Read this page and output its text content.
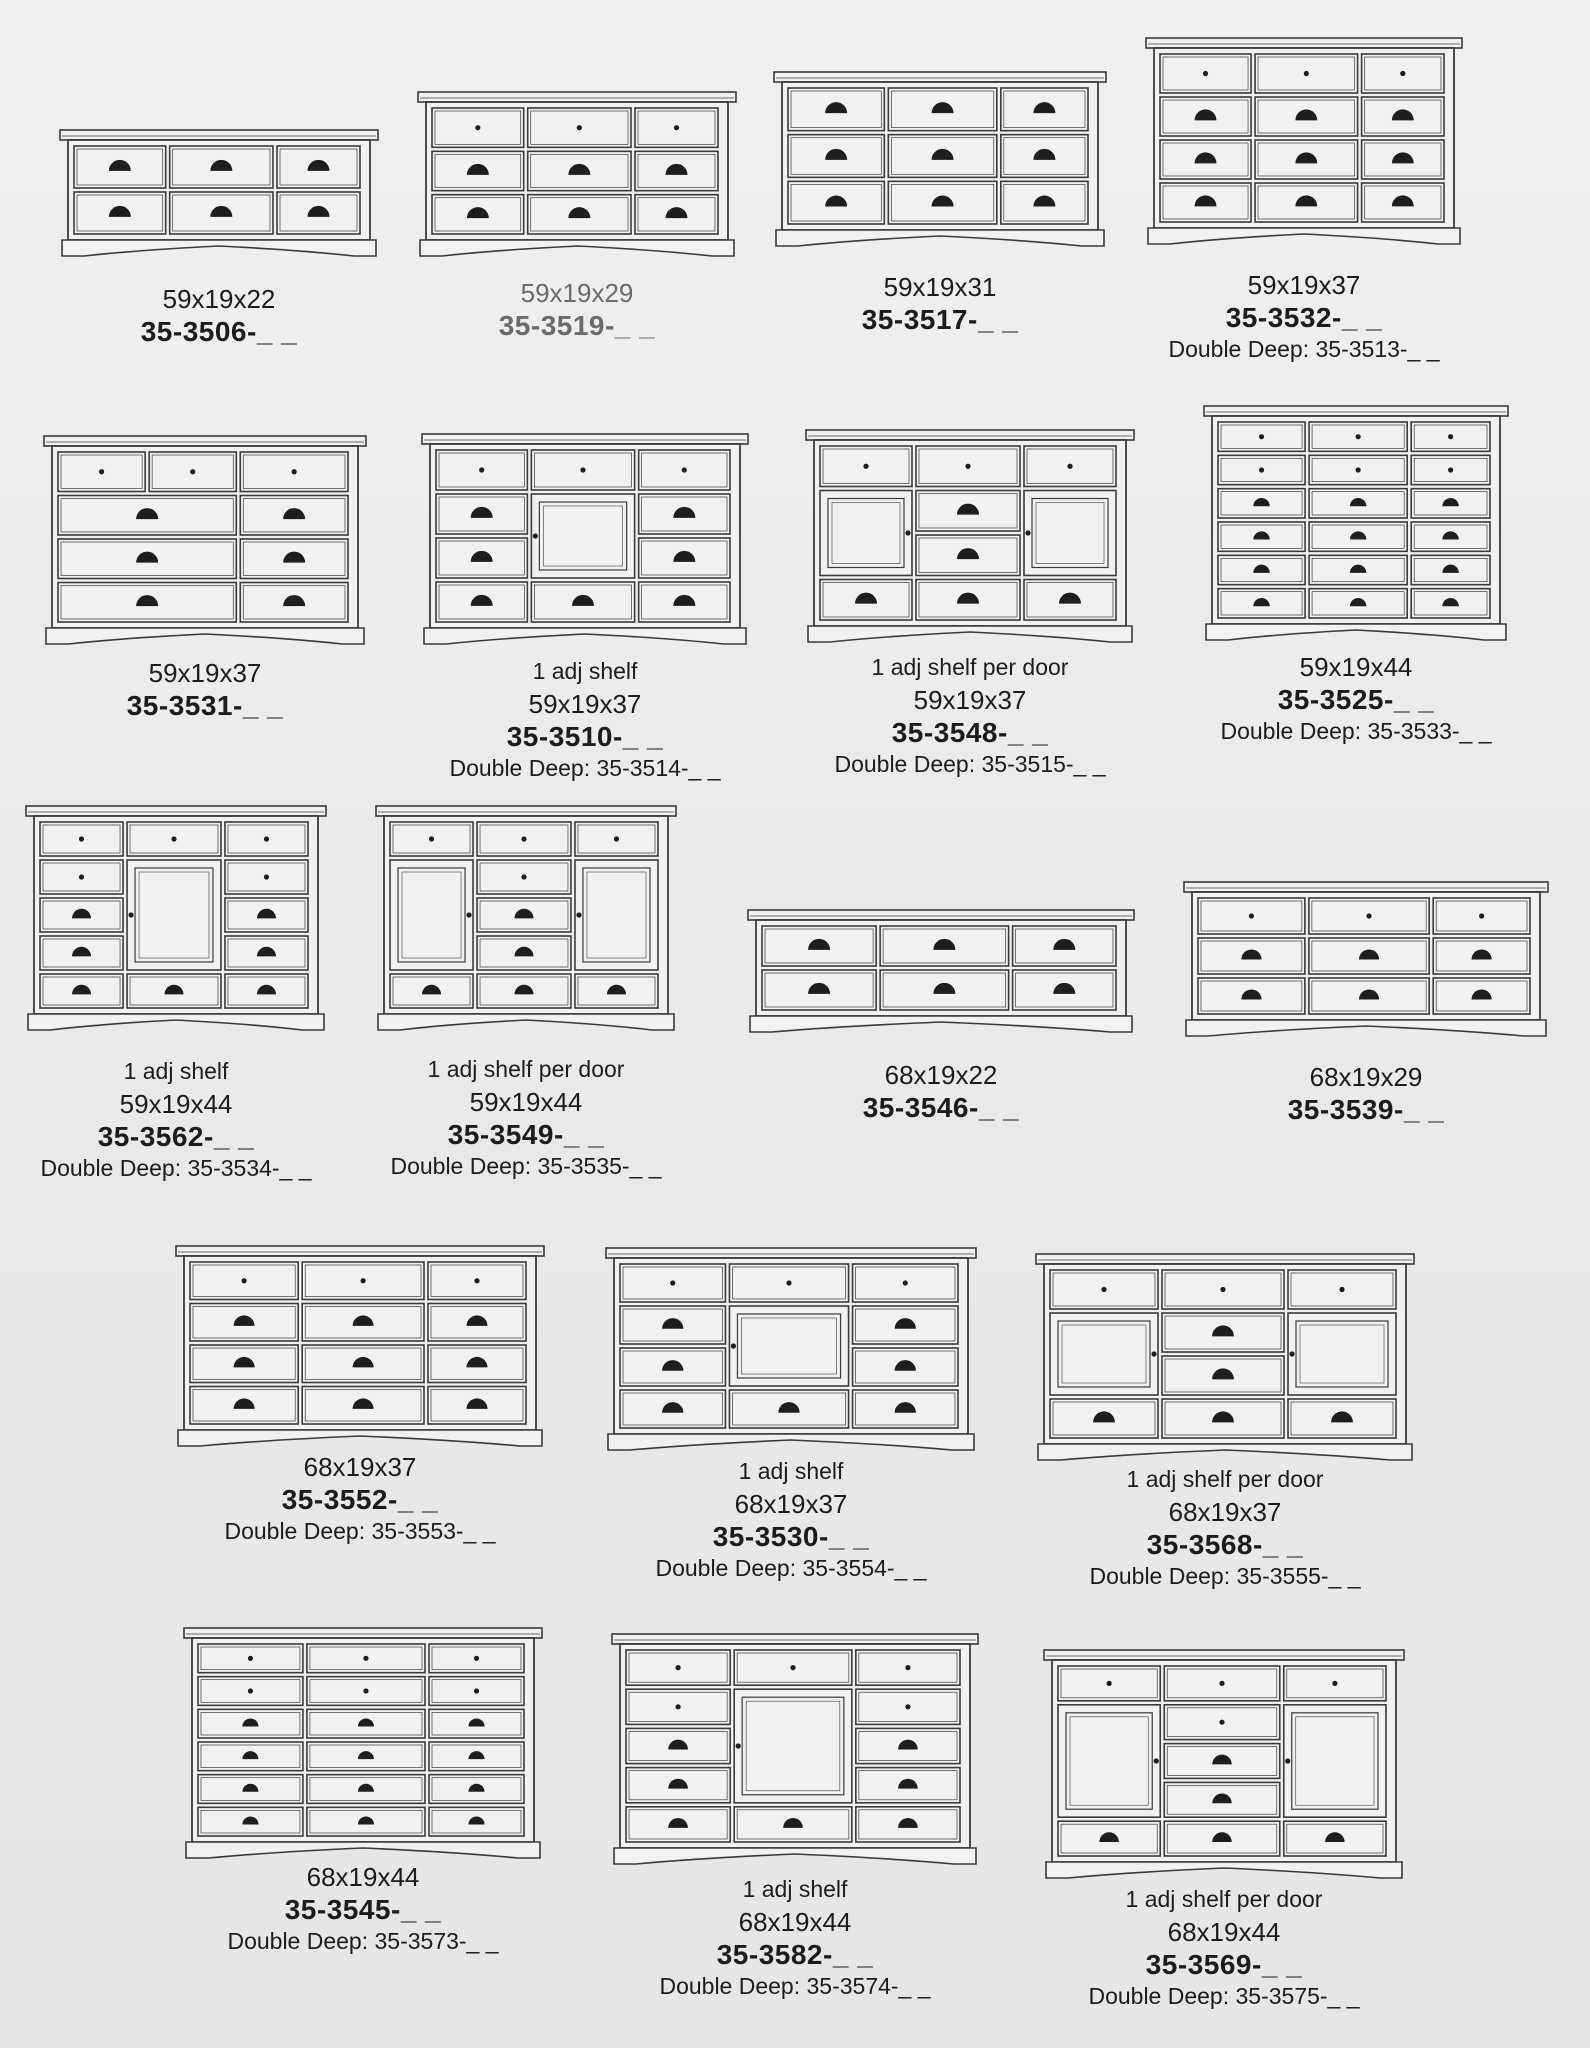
59x19x22
35-3506-_ _
59x19x29
35-3519-_ _
59x19x31
35-3517-_ _
59x19x37
35-3532-_ _
Double Deep: 35-3513-_ _
59x19x37
35-3531-_ _
1 adj shelf
59x19x37
35-3510-_ _
Double Deep: 35-3514-_ _
1 adj shelf per door
59x19x37
35-3548-_ _
Double Deep: 35-3515-_ _
59x19x44
35-3525-_ _
Double Deep: 35-3533-_ _
1 adj shelf
59x19x44
35-3562-_ _
Double Deep: 35-3534-_ _
1 adj shelf per door
59x19x44
35-3549-_ _
Double Deep: 35-3535-_ _
68x19x22
35-3546-_ _
68x19x29
35-3539-_ _
68x19x37
35-3552-_ _
Double Deep: 35-3553-_ _
1 adj shelf
68x19x37
35-3530-_ _
Double Deep: 35-3554-_ _
1 adj shelf per door
68x19x37
35-3568-_ _
Double Deep: 35-3555-_ _
68x19x44
35-3545-_ _
Double Deep: 35-3573-_ _
1 adj shelf
68x19x44
35-3582-_ _
Double Deep: 35-3574-_ _
1 adj shelf per door
68x19x44
35-3569-_ _
Double Deep: 35-3575-_ _
